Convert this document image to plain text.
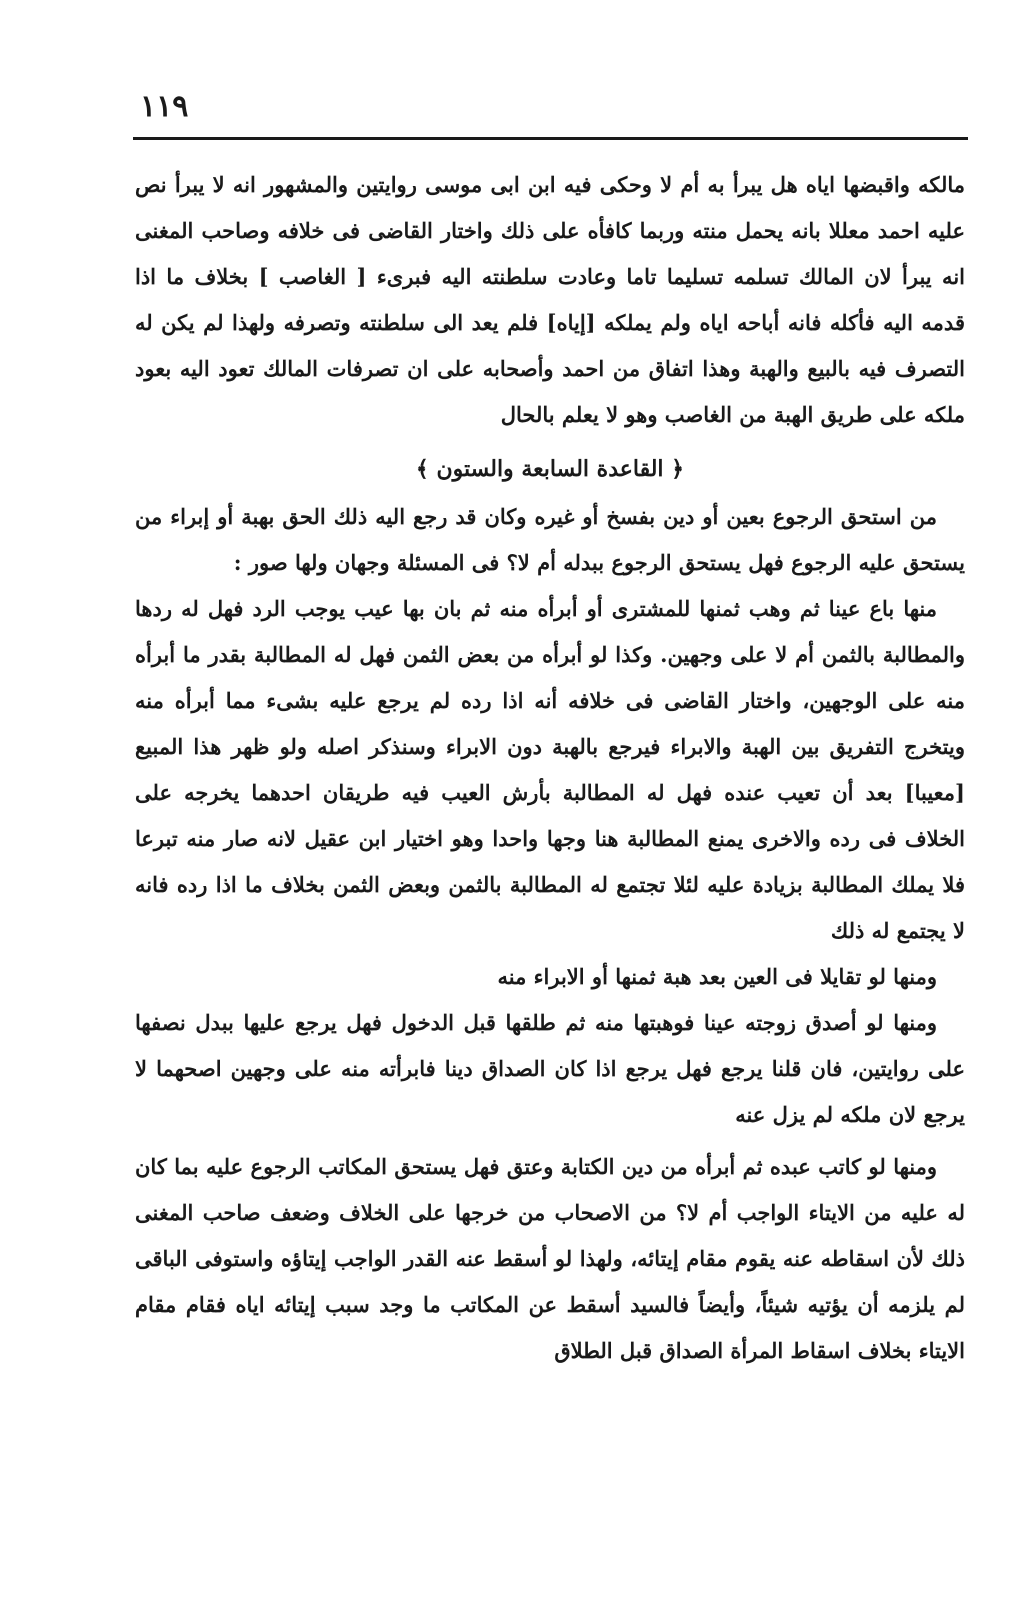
١١٩

مالكه واقبضها اياه هل يبرأ به أم لا وحكى فيه ابن ابى موسى روايتين والمشهور انه لا يبرأ نص عليه احمد معللا بانه يحمل منته وربما كافأه على ذلك واختار القاضى فى خلافه وصاحب المغنى انه يبرأ لان المالك تسلمه تسليما تاما وعادت سلطنته اليه فبرىء [ الغاصب ] بخلاف ما اذا قدمه اليه فأكله فانه أباحه اياه ولم يملكه [إياه] فلم يعد الى سلطنته وتصرفه ولهذا لم يكن له التصرف فيه بالبيع والهبة وهذا اتفاق من احمد وأصحابه على ان تصرفات المالك تعود اليه بعود ملكه على طريق الهبة من الغاصب وهو لا يعلم بالحال

﴿ القاعدة السابعة والستون ﴾

من استحق الرجوع بعين أو دين بفسخ أو غيره وكان قد رجع اليه ذلك الحق بهبة أو إبراء من يستحق عليه الرجوع فهل يستحق الرجوع ببدله أم لا؟ فى المسئلة وجهان ولها صور :

منها باع عينا ثم وهب ثمنها للمشترى أو أبرأه منه ثم بان بها عيب يوجب الرد فهل له ردها والمطالبة بالثمن أم لا على وجهين. وكذا لو أبرأه من بعض الثمن فهل له المطالبة بقدر ما أبرأه منه على الوجهين، واختار القاضى فى خلافه أنه اذا رده لم يرجع عليه بشىء مما أبرأه منه ويتخرج التفريق بين الهبة والابراء فيرجع بالهبة دون الابراء وسنذكر اصله ولو ظهر هذا المبيع [معيبا] بعد أن تعيب عنده فهل له المطالبة بأرش العيب فيه طريقان احدهما يخرجه على الخلاف فى رده والاخرى يمنع المطالبة هنا وجها واحدا وهو اختيار ابن عقيل لانه صار منه تبرعا فلا يملك المطالبة بزيادة عليه لئلا تجتمع له المطالبة بالثمن وبعض الثمن بخلاف ما اذا رده فانه لا يجتمع له ذلك

ومنها لو تقايلا فى العين بعد هبة ثمنها أو الابراء منه

ومنها لو أصدق زوجته عينا فوهبتها منه ثم طلقها قبل الدخول فهل يرجع عليها ببدل نصفها على روايتين، فان قلنا يرجع فهل يرجع اذا كان الصداق دينا فابرأته منه على وجهين اصحهما لا يرجع لان ملكه لم يزل عنه

ومنها لو كاتب عبده ثم أبرأه من دين الكتابة وعتق فهل يستحق المكاتب الرجوع عليه بما كان له عليه من الايتاء الواجب أم لا؟ من الاصحاب من خرجها على الخلاف وضعف صاحب المغنى ذلك لأن اسقاطه عنه يقوم مقام إيتائه، ولهذا لو أسقط عنه القدر الواجب إيتاؤه واستوفى الباقى لم يلزمه أن يؤتيه شيئاً، وأيضاً فالسيد أسقط عن المكاتب ما وجد سبب إيتائه اياه فقام مقام الايتاء بخلاف اسقاط المرأة الصداق قبل الطلاق
